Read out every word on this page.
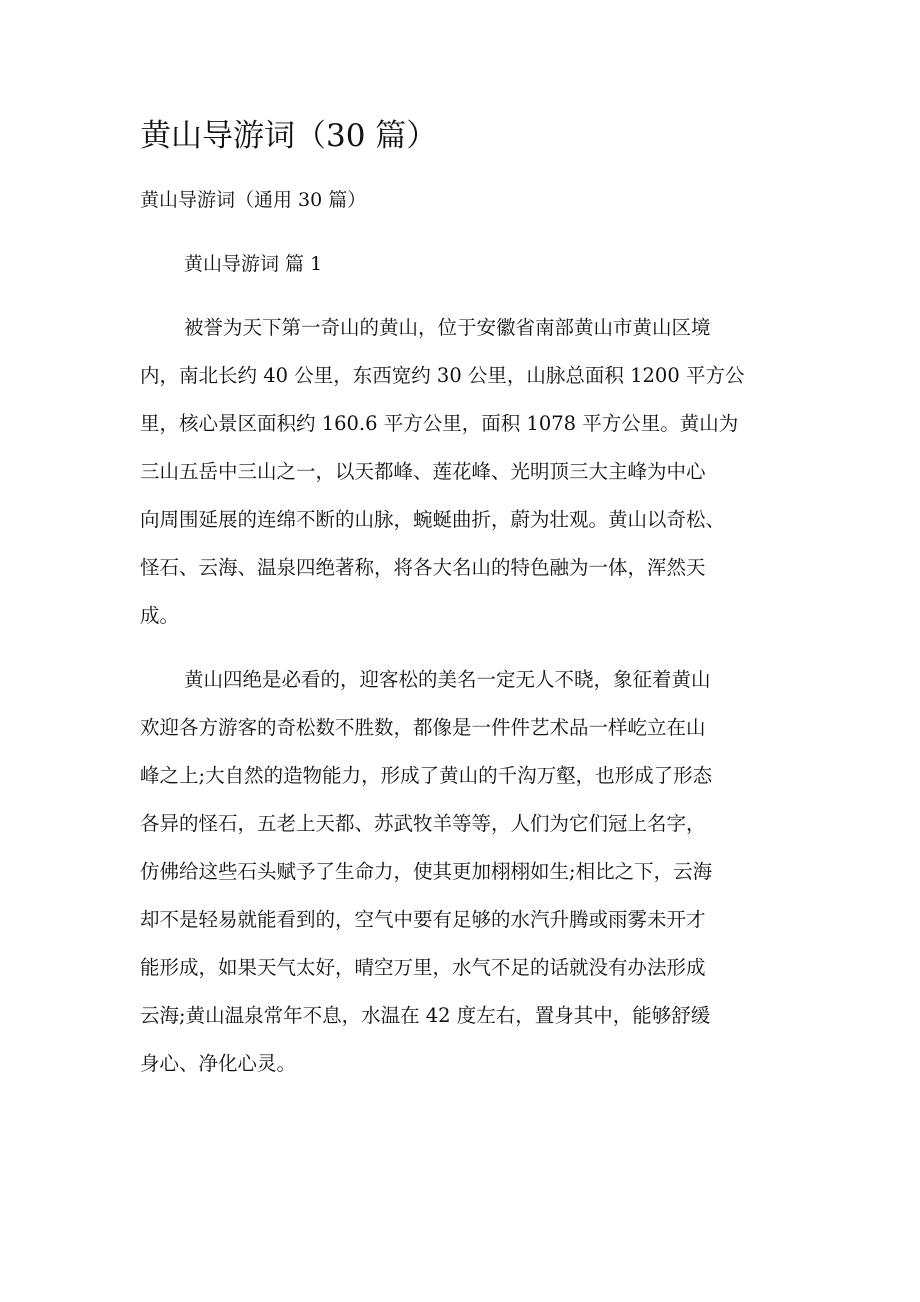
黄山导游词（30 篇）
黄山导游词（通用 30 篇）
黄山导游词 篇 1
被誉为天下第一奇山的黄山，位于安徽省南部黄山市黄山区境
内，南北长约 40 公里，东西宽约 30 公里，山脉总面积 1200 平方公
里，核心景区面积约 160.6 平方公里，面积 1078 平方公里。黄山为
三山五岳中三山之一，以天都峰、莲花峰、光明顶三大主峰为中心
向周围延展的连绵不断的山脉，蜿蜒曲折，蔚为壮观。黄山以奇松、
怪石、云海、温泉四绝著称，将各大名山的特色融为一体，浑然天
成。
黄山四绝是必看的，迎客松的美名一定无人不晓，象征着黄山
欢迎各方游客的奇松数不胜数，都像是一件件艺术品一样屹立在山
峰之上;大自然的造物能力，形成了黄山的千沟万壑，也形成了形态
各异的怪石，五老上天都、苏武牧羊等等，人们为它们冠上名字，
仿佛给这些石头赋予了生命力，使其更加栩栩如生;相比之下，云海
却不是轻易就能看到的，空气中要有足够的水汽升腾或雨雾未开才
能形成，如果天气太好，晴空万里，水气不足的话就没有办法形成
云海;黄山温泉常年不息，水温在 42 度左右，置身其中，能够舒缓
身心、净化心灵。
